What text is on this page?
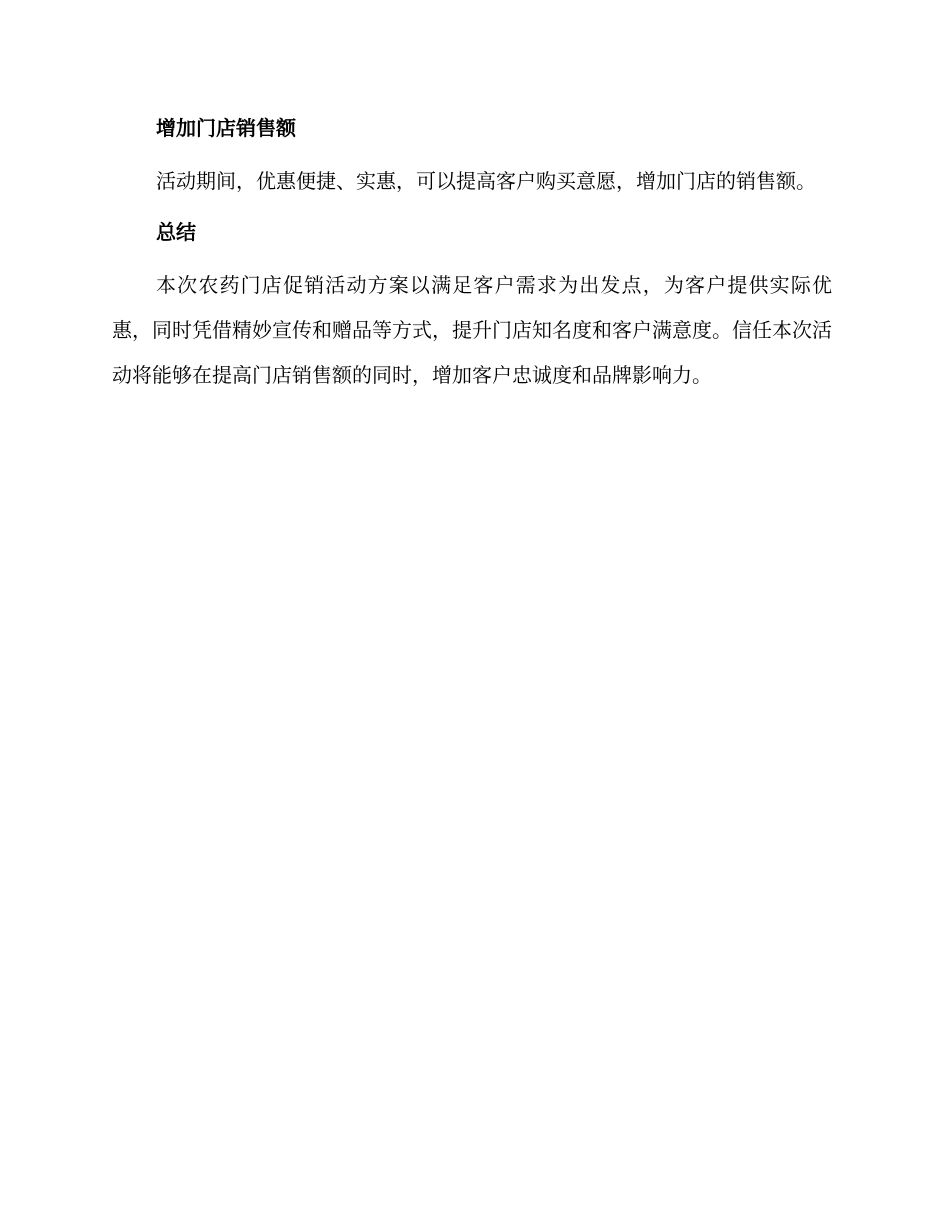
增加门店销售额

活动期间，优惠便捷、实惠，可以提高客户购买意愿，增加门店的销售额。

总结

本次农药门店促销活动方案以满足客户需求为出发点，为客户提供实际优惠，同时凭借精妙宣传和赠品等方式，提升门店知名度和客户满意度。信任本次活动将能够在提高门店销售额的同时，增加客户忠诚度和品牌影响力。
